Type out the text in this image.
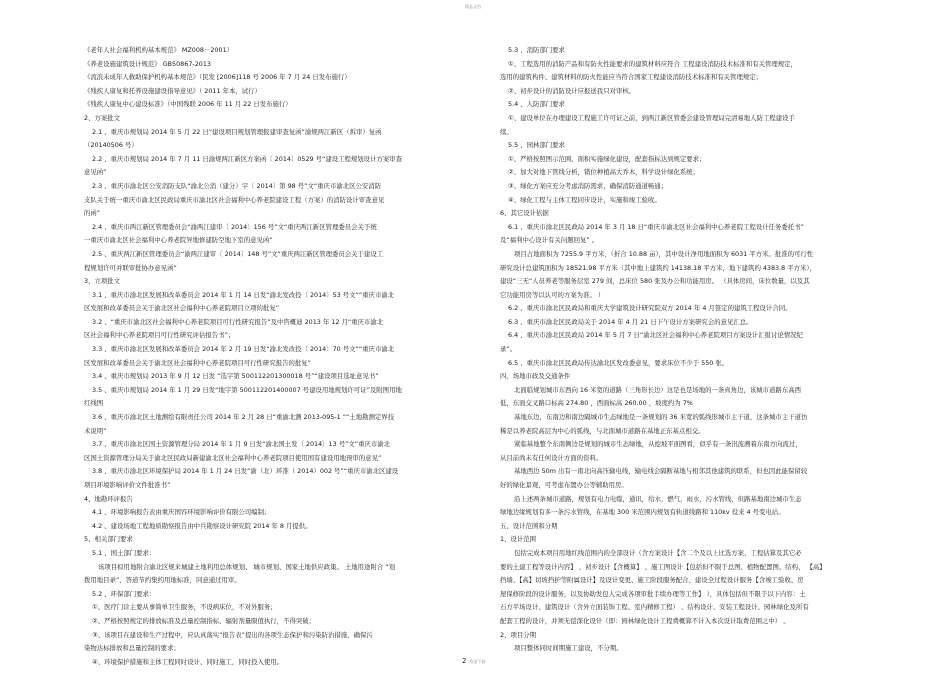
精品文档
《老年人社会福利机构基本规范》 MZ008－2001）
《养老设施建筑设计规范》 GB50867-2013
《流浪未成年人救助保护机构基本规范》（民发 [2006]118 号 2006 年 7 月 24 日发布施行）
《残疾人康复和托养设施建设指导意见》（ 2011 年本，试行）
《残疾人康复中心建设标准》（中国残联 2006 年 11 月 22 日发布施行）
2、方案批文
2.1 、重庆市规划局 2014 年 5 月 22 日“建设项目规划管理报建审查复函”渝规两江新区（拆审）复函
（20140506 号）
2.2 、重庆市规划局 2014 年 7 月 11 日渝规两江新区方案函〔 2014〕0529 号“建设工程规划设计方案审查
意见函”
2.3 、重庆市渝北区公安消防支队“渝北公消（建分）字〔 2014〕第 98 号”文“重庆市渝北区公安消防
支队关于统一重庆市渝北区民政局重庆市渝北区社会福利中心养老院建设工程（方案）的消防设计审查意见
的函”
2.4 、重庆市两江新区管理委员会“渝两江建审〔 2014〕156 号”文“重庆两江新区管理委员会关于统
一重庆市渝北区社会福利中心养老院异地修建防空地下室的意见函”
2.5 、重庆两江新区管理委员会“渝两江建审〔 2014〕148 号”文“重庆两江新区管理委员会关于建设工
程规划许可并联审批协办意见函”
3、立项批文
3.1 、重庆市渝北区发展和改革委员会 2014 年 1 月 14 日发“渝北发改投〔 2014〕53 号文”“重庆市渝北
区发展和改革委员会关于渝北区社会福利中心养老院项目立项的批复”
3.2 、“重庆市渝北区社会福利中心养老院项目可行性研究报告”及中咨概迪 2013 年 12 月“重庆市渝北
区社会福利中心养老院项目可行性研究评估报告书”；
3.3 、重庆市渝北区发展和改革委员会 2014 年 2 月 19 日发“渝北发改投〔 2014〕70 号文”“重庆市渝北
区发展和改革委员会关于渝北区社会福利中心养老院项目可行性研究报告的批复”
3.4 、重庆市规划局 2013 年 9 月 12 日发 “选字第 500112201300018 号”“建设项目选址意见书”
3.5 、重庆市规划局 2014 年 1 月 29 日发“地字第 500112201400007 号建设用地规划许可证”及附图用地
红线图
3.6 、重庆市渝北区土地测绘有限责任公司 2014 年 2 月 28 日“重渝北测 2013-095-1 ”“土地勘测定界技
术说明”
3.7 、重庆市渝北区国土资源管理分局 2014 年 1 月 9 日发“渝北国土发〔 2014〕13 号”文“重庆市渝北
区国土资源管理分局关于渝北区民政局新建渝北区社会福利中心养老院项目使用国有建设用地预审的意见”
3.8 、重庆市渝北区环境保护局 2014 年 1 月 24 日发“渝（北）环准（ 2014）002 号”“重庆市渝北区建设
项目环境影响评价文件批准书”
4、地勘环评报告
4.1 、环境影响报告表由重庆国容环境影响评价有限公司编制；
4.2 、建设场地工程地质勘察报告由中兵勘察设计研究院 2014 年 8 月提供。
5、相关部门要求
5.1 、国土部门要求：
该项目拟用地附合渝北区规来城建土地利用总体规划、 城市规划、国家土地供应政策。 土地用途附合 “划
拨用地目录”，答道节约集约用地标准，同意通过用审。
5.2 、环保部门要求：
①、医疗门诊主要从事简单卫生服务，不设病床位，不对外服务；
②、严格按照规定的排放标准及总量控制指标、辐射剂量限值执行，不得突破；
③、该项目在建设和生产过程中，应认真落实“报告表”提出的各项生态保护和污染防治措施，确保污
染物达标排放和总量控制的要求；
④、环境保护措施和主体工程同时设计、同时施工，同时投入使用。
5.3 、消防部门要求
①、工程选用的消防产品和有防火性能要求的建筑材料应符合 工程建设消防技术标准和有关管理规定，
选用的建筑构件、建筑材料的防火性能应当符合国家工程建设消防技术标准和有关管理规定；
②、初步设计的消防设计应报送我只对审核。
5.4 、人防部门要求
①、建设单位在办理建设工程施工许可证之前，到两江新区管委会建设管理局完清易地人防工程建设手
续。
5.5 、园林部门要求
①、严格按照图示范围、面积实施绿化建设，配套指标达到规定要求；
②、加大对地下管线分析，错位种植高大乔木，科学设计绿化系统；
③、绿化方案应充分考虑消防需求，确保消防通道畅通；
④、绿化工程与主体工程同步设计，实施和竣工验收。
6、其它设计依据
6.1 、重庆市渝北区民政局 2014 年 3 月 18 日“重庆市渝北区社会福利中心养老院工程设计任务委托书”
及“福利中心设计有关问题回复” 。
项目占地面积为 7255.9 平方米，（折合 10.88 亩），其中设计净用地面积为 6031 平方米。批准的可行性
研究设计总建筑面积为 18521.98 平方米（其中地上建筑约 14138.18 平方米，地下建筑约 4383.8 平方米），
建设“三无”人员养老等服务层室 279 间，总床位 580 张及办公和功能用房。 （具体房间，床位数量，以及其
它功能用房等以认可的方案为准。 ）
6.2 、重庆市渝北区民政局和重庆大学建筑设计研究院双方 2014 年 4 月签定的建筑工程设计合同。
6.3 、重庆市渝北区民政局关于 2014 年 4 月 21 日下午设计方案研究会的意见汇总。
6.4 、重庆市渝北区民政局 2014 年 5 月 7 日“渝北区社会福利中心养老院项目方案设计汇报讨论情况纪
录”。
6.5 、重庆市渝北区民政局传达渝北区发改委意见，要求床位不少于 550 张。
四、场地市政及交通条件
北面临规划城市东西向 16 米宽的道路（三角形长边）这是也是场地的一条真角边，该城市道路东高西
低，东面交叉路口标高 274.80 ，西面标高 260.00 ，坡度约为 7%
基地东边，东南边和南边隔城市生态绿地是一条规划的 36 米宽的弧线形城市主干道，这条城市主干道仿
稀是以养老院高层为中心的弧线，与北面城市道路在基地正东基点相交。
紧临基地整个东南侧边是规划的城市生态绿地，从挖坡平面图看，似乎有一条汛流溯着东南方向流过，
从目前尚未有任何设计方面的资料。
基地西边 50m 出有一南北向高压输电线，输电线会隔断基地与相邻其他建筑的联系，但也因此能保留较
好的绿化景观，可考虑布置办公等辅助用房。
沿上述两条城市道路，规划有电力电缆，通讯，给水，燃气，雨水，污水管线，但路基地南边城市生态
绿地边缘规划有多一条污水管线，在基地 300 米范围内规划有轨道线路和 110kv 役来 4 号变电站。
五、设计范围和分期
1、设计范围
包括完成本项目用地红线范围内的全部设计（含方案设计【含二个及以上比选方案、工程估算及其它必
要的土建工程等设计内容】 、初步设计【含概算】 、施工图设计【包括但不限于总图、植物配置图、结构、 【高】
挡墙、【高】切坡挡护等附属设计】及设计变更、施工阶段服务配合、建设全过程设计服务【含竣工验收、房
屋保修阶段的设计服务，以及协助发包人完成各项审批手续办理等工作】 ），具体包括但不限于以下内容：土
石方平场设计、建筑设计（含外立面装饰工程、室内精修工程） 、结构设计、安装工程设计、园林绿化及所有
配套工程的设计，并须无偿深化设计（即：园林绿化设计工程费概算不计入本次设计取费范围之中） 。
2、项目分期
项目整体同时间期施工建设，不分期。
2 欢迎下载
